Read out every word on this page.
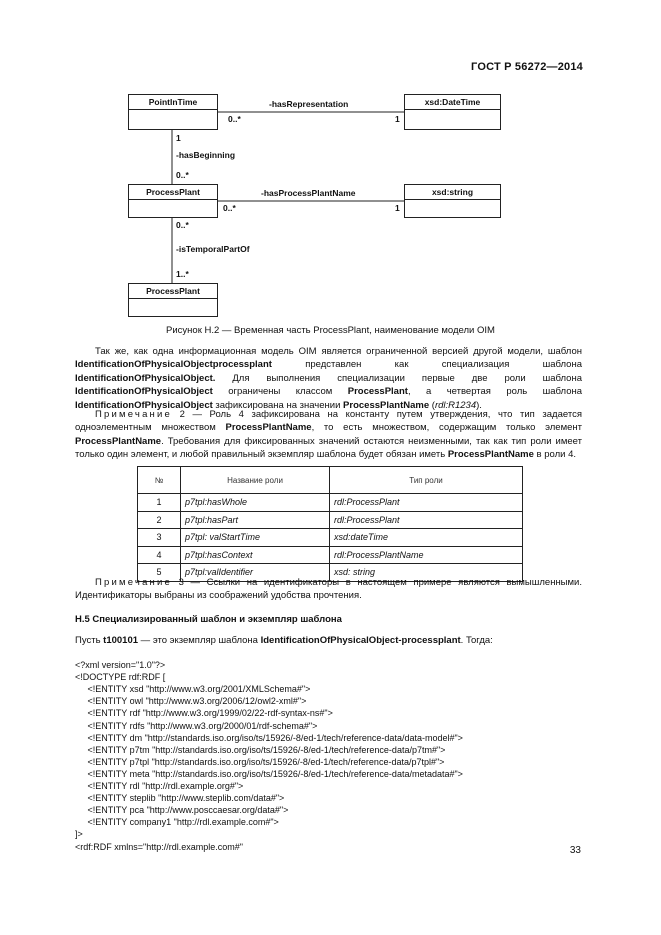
ГОСТ Р 56272—2014
PointInTime	xsd:DateTime
ProcessPlant	xsd:string
ProcessPlant
-hasRepresentation
0..*	1
1
-hasBeginning
0..*
-hasProcessPlantName
0..*	1
0..*
-isTemporalPartOf
1..*
Рисунок Н.2 — Временная часть ProcessPlant, наименование модели OIM
Так же, как одна информационная модель OIM является ограниченной версией другой модели, шаблон IdentificationOfPhysicalObjectprocessplant представлен как специализация шаблона IdentificationOfPhysicalObject. Для выполнения специализации первые две роли шаблона IdentificationOfPhysicalObject ограничены классом ProcessPlant, а четвертая роль шаблона IdentificationOfPhysicalObject зафиксирована на значении ProcessPlantName (rdl:R1234).
Примечание 2 — Роль 4 зафиксирована на константу путем утверждения, что тип задается одноэлементным множеством ProcessPlantName, то есть множеством, содержащим только элемент ProcessPlantName. Требования для фиксированных значений остаются неизменными, так как тип роли имеет только один элемент, и любой правильный экземпляр шаблона будет обязан иметь ProcessPlantName в роли 4.
№	Название роли	Тип роли
1	p7tpl:hasWhole	rdl:ProcessPlant
2	p7tpl:hasPart	rdl:ProcessPlant
3	p7tpl: valStartTime	xsd:dateTime
4	p7tpl:hasContext	rdl:ProcessPlantName
5	p7tpl:valIdentifier	xsd: string
Примечание 3 — Ссылки на идентификаторы в настоящем примере являются вымышленными. Идентификаторы выбраны из соображений удобства прочтения.
Н.5 Специализированный шаблон и экземпляр шаблона
Пусть t100101 — это экземпляр шаблона IdentificationOfPhysicalObject-processplant. Тогда:

<?xml version="1.0"?>
<!DOCTYPE rdf:RDF [
<!ENTITY xsd "http://www.w3.org/2001/XMLSchema#">
<!ENTITY owl "http://www.w3.org/2006/12/owl2-xml#">
<!ENTITY rdf "http://www.w3.org/1999/02/22-rdf-syntax-ns#">
<!ENTITY rdfs "http://www.w3.org/2000/01/rdf-schema#">
<!ENTITY dm "http://standards.iso.org/iso/ts/15926/-8/ed-1/tech/reference-data/data-model#">
<!ENTITY p7tm "http://standards.iso.org/iso/ts/15926/-8/ed-1/tech/reference-data/p7tm#">
<!ENTITY p7tpl "http://standards.iso.org/iso/ts/15926/-8/ed-1/tech/reference-data/p7tpl#">
<!ENTITY meta "http://standards.iso.org/iso/ts/15926/-8/ed-1/tech/reference-data/metadata#">
<!ENTITY rdl "http://rdl.example.org#">
<!ENTITY steplib "http://www.steplib.com/data#">
<!ENTITY pca "http://www.posccaesar.org/data#">
<!ENTITY company1 "http://rdl.example.com#">
]>
<rdf:RDF xmlns="http://rdl.example.com#"	33
